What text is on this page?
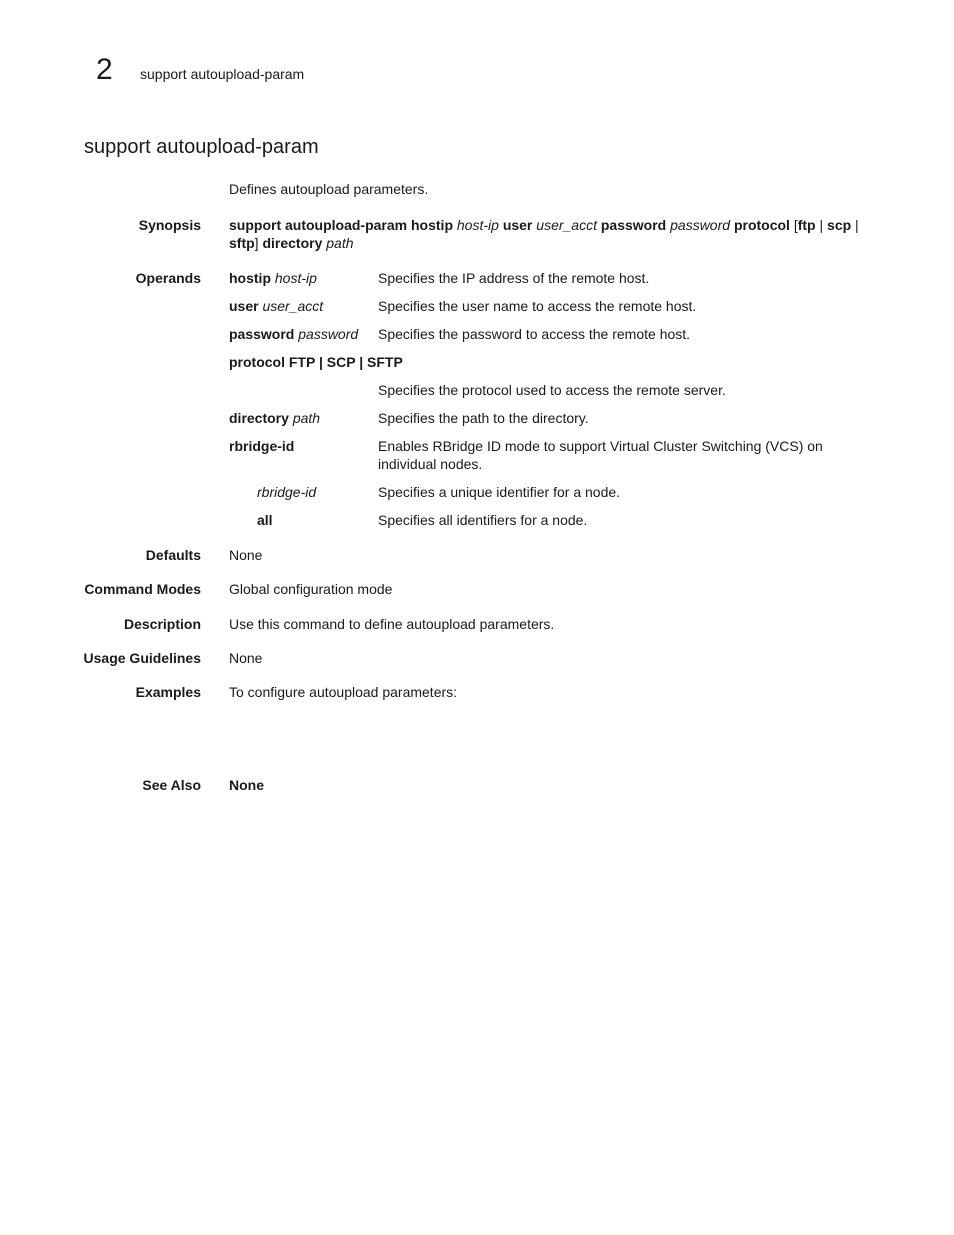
2 support autoupload-param
support autoupload-param
Defines autoupload parameters.
Synopsis support autoupload-param hostip host-ip user user_acct password password protocol [ftp | scp |
sftp] directory path
Operands hostip host-ip	Specifies the IP address of the remote host.
user user_acct	Specifies the user name to access the remote host.
password password Specifies the password to access the remote host.
protocol FTP | SCP | SFTP
Specifies the protocol used to access the remote server.
directory path	Specifies the path to the directory.
rbridge-id	Enables RBridge ID mode to support Virtual Cluster Switching (VCS) on
individual nodes.
rbridge-id	Specifies a unique identifier for a node.
all	Specifies all identifiers for a node.
Defaults None
Command Modes Global configuration mode
Description Use this command to define autoupload parameters.
Usage Guidelines None
Examples To configure autoupload parameters:
See Also None
